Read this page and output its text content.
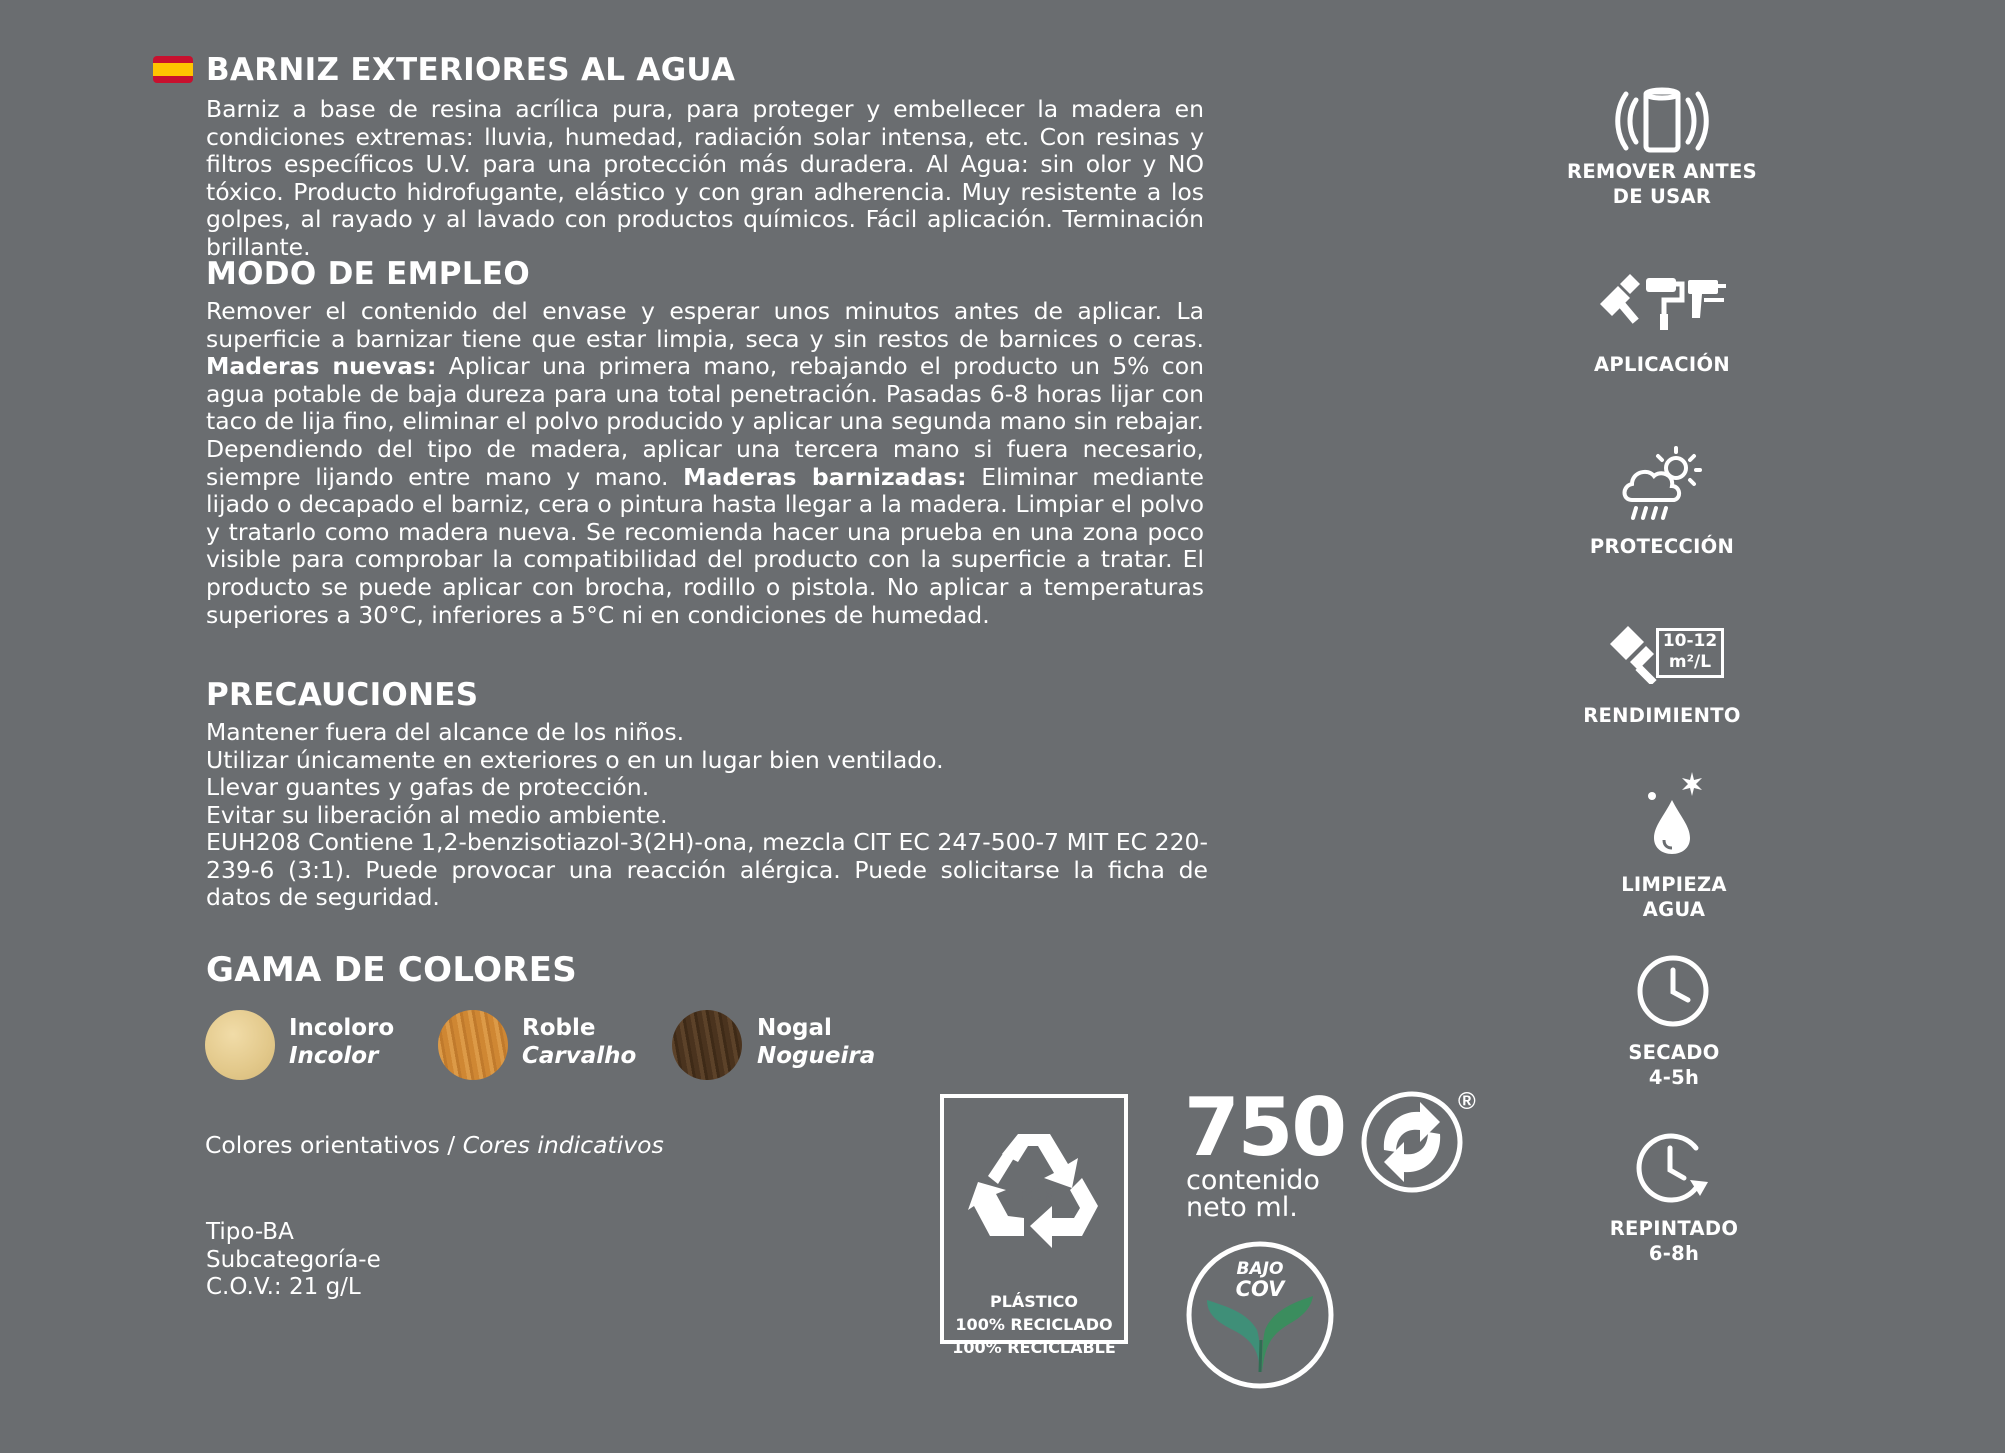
BARNIZ EXTERIORES AL AGUA
Barniz a base de resina acrílica pura, para proteger y embellecer la madera en condiciones extremas: lluvia, humedad, radiación solar intensa, etc. Con resinas y filtros específicos U.V. para una protección más duradera. Al Agua: sin olor y NO tóxico. Producto hidrofugante, elástico y con gran adherencia. Muy resistente a los golpes, al rayado y al lavado con productos químicos. Fácil aplicación. Terminación brillante.
MODO DE EMPLEO
Remover el contenido del envase y esperar unos minutos antes de aplicar. La superficie a barnizar tiene que estar limpia, seca y sin restos de barnices o ceras. Maderas nuevas: Aplicar una primera mano, rebajando el producto un 5% con agua potable de baja dureza para una total penetración. Pasadas 6-8 horas lijar con taco de lija fino, eliminar el polvo producido y aplicar una segunda mano sin rebajar. Dependiendo del tipo de madera, aplicar una tercera mano si fuera necesario, siempre lijando entre mano y mano. Maderas barnizadas: Eliminar mediante lijado o decapado el barniz, cera o pintura hasta llegar a la madera. Limpiar el polvo y tratarlo como madera nueva. Se recomienda hacer una prueba en una zona poco visible para comprobar la compatibilidad del producto con la superficie a tratar. El producto se puede aplicar con brocha, rodillo o pistola. No aplicar a temperaturas superiores a 30°C, inferiores a 5°C ni en condiciones de humedad.
PRECAUCIONES
Mantener fuera del alcance de los niños.
Utilizar únicamente en exteriores o en un lugar bien ventilado.
Llevar guantes y gafas de protección.
Evitar su liberación al medio ambiente.
EUH208 Contiene 1,2-benzisotiazol-3(2H)-ona, mezcla CIT EC 247-500-7 MIT EC 220-239-6 (3:1). Puede provocar una reacción alérgica. Puede solicitarse la ficha de datos de seguridad.
GAMA DE COLORES
Incoloro
Incolor
Roble
Carvalho
Nogal
Nogueira
Colores orientativos / Cores indicativos
Tipo-BA
Subcategoría-e
C.O.V.: 21 g/L
PCR
PLÁSTICO
100% RECICLADO
100% RECICLABLE
750
contenido
neto ml.
®
BAJO
COV
REMOVER ANTES
DE USAR
APLICACIÓN
PROTECCIÓN
10-12
m²/L
RENDIMIENTO
LIMPIEZA
AGUA
SECADO
4-5h
REPINTADO
6-8h
